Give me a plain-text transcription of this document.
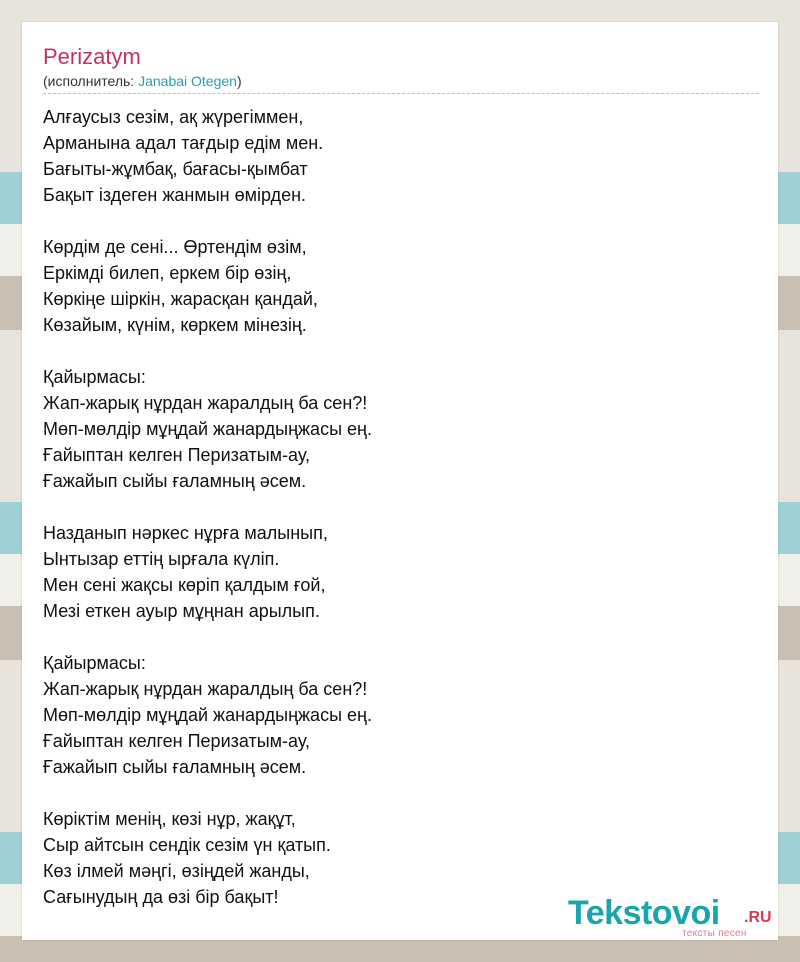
Perizatym
(исполнитель: Janabai Otegen)
Алғаусыз сезім, ақ жүрегіммен,
Арманына адал тағдыр едім мен.
Бағыты-жұмбақ, бағасы-қымбат
Бақыт іздеген жанмын өмірден.
Көрдім де сені... Өртендім өзім,
Еркімді билеп, еркем бір өзің,
Көркіңе шіркін, жарасқан қандай,
Көзайым, күнім, көркем мінезің.
Қайырмасы:
Жап-жарық нұрдан жаралдың ба сен?!
Мөп-мөлдір мұңдай жанардыңжасы ең.
Ғайыптан келген Перизатым-ау,
Ғажайып сыйы ғаламның әсем.
Назданып нәркес нұрға малынып,
Ынтызар еттің ырғала күліп.
Мен сені жақсы көріп қалдым ғой,
Мезі еткен ауыр мұңнан арылып.
Қайырмасы:
Жап-жарық нұрдан жаралдың ба сен?!
Мөп-мөлдір мұңдай жанардыңжасы ең.
Ғайыптан келген Перизатым-ау,
Ғажайып сыйы ғаламның әсем.
Көріктім менің, көзі нұр, жақұт,
Сыр айтсын сендік сезім үн қатып.
Көз ілмей мәңгі, өзіңдей жанды,
Сағынудың да өзі бір бақыт!	Tekstovoi .RU
тексты песен
